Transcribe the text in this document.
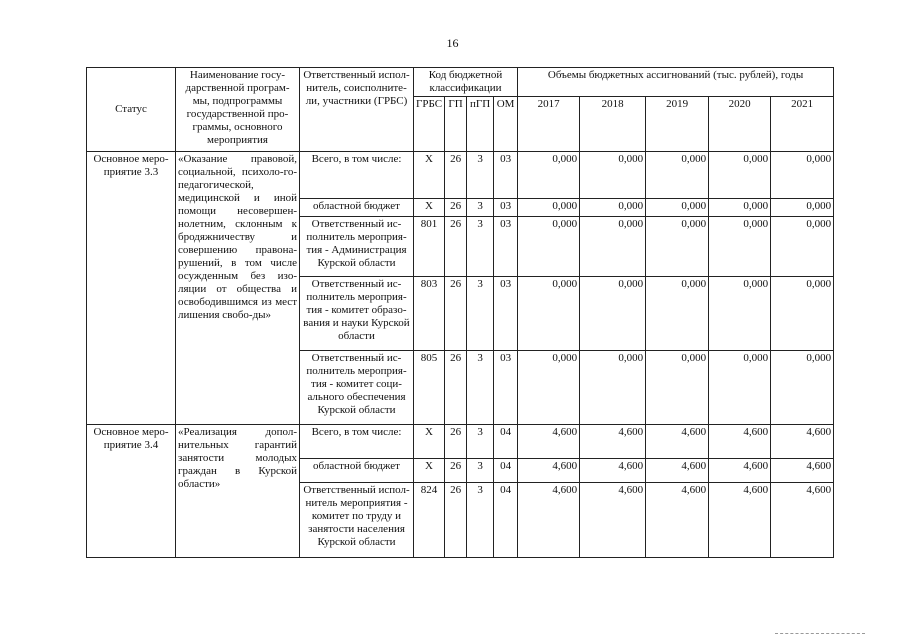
16
Статус	Наименование госу-дарственной програм-мы, подпрограммы государственной про-граммы, основного мероприятия	Ответственный испол-нитель, соисполните-ли, участники (ГРБС)	Код бюджетной классификации				Объемы бюджетных ассигнований (тыс. рублей), годы				
			ГРБС	ГП	пГП	ОМ	2017	2018	2019	2020	2021
Основное меро-приятие 3.3	«Оказание правовой, социальной, психоло-го-педагогической, медицинской и иной помощи несовершен-нолетним, склонным к бродяжничеству и совершению правона-рушений, в том числе осужденным без изо-ляции от общества и освободившимся из мест лишения свобо-ды»	Всего, в том числе:	X	26	3	03	0,000	0,000	0,000	0,000	0,000
		областной бюджет	X	26	3	03	0,000	0,000	0,000	0,000	0,000
		Ответственный ис-полнитель мероприя-тия - Администрация Курской области	801	26	3	03	0,000	0,000	0,000	0,000	0,000
		Ответственный ис-полнитель мероприя-тия - комитет образо-вания и науки Курской области	803	26	3	03	0,000	0,000	0,000	0,000	0,000
		Ответственный ис-полнитель мероприя-тия - комитет соци-ального обеспечения Курской области	805	26	3	03	0,000	0,000	0,000	0,000	0,000
Основное меро-приятие 3.4	«Реализация допол-нительных гарантий занятости молодых граждан в Курской области»	Всего, в том числе:	X	26	3	04	4,600	4,600	4,600	4,600	4,600
		областной бюджет	X	26	3	04	4,600	4,600	4,600	4,600	4,600
		Ответственный испол-нитель мероприятия - комитет по труду и занятости населения Курской области	824	26	3	04	4,600	4,600	4,600	4,600	4,600
